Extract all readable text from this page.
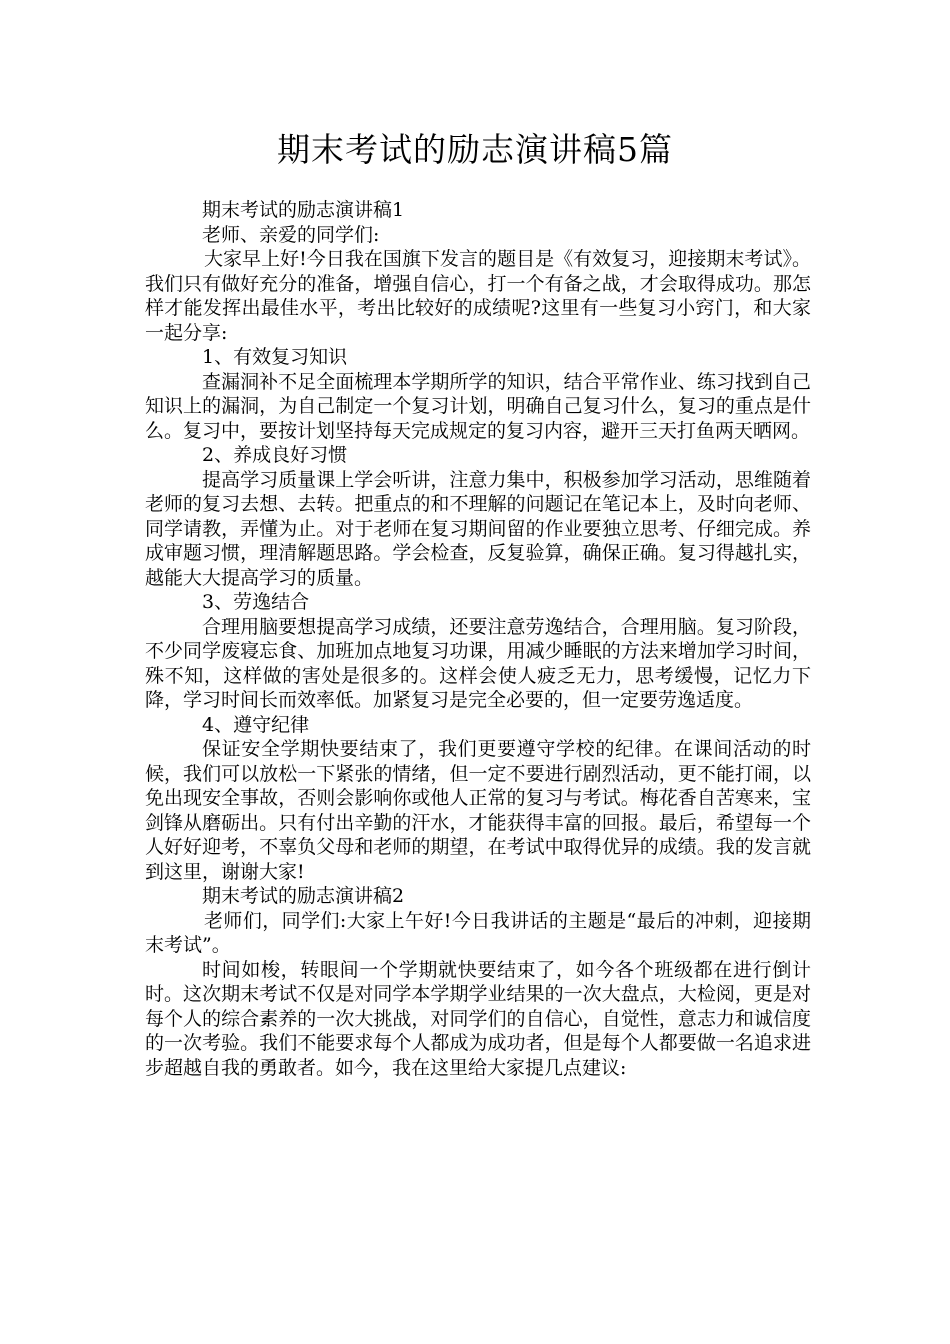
期末考试的励志演讲稿5篇

期末考试的励志演讲稿1

老师、亲爱的同学们:

大家早上好!今日我在国旗下发言的题目是《有效复习，迎接期末考试》。我们只有做好充分的准备，增强自信心，打一个有备之战，才会取得成功。那怎样才能发挥出最佳水平，考出比较好的成绩呢?这里有一些复习小窍门，和大家一起分享:

1、有效复习知识

查漏洞补不足全面梳理本学期所学的知识，结合平常作业、练习找到自己知识上的漏洞，为自己制定一个复习计划，明确自己复习什么，复习的重点是什么。复习中，要按计划坚持每天完成规定的复习内容，避开三天打鱼两天晒网。

2、养成良好习惯

提高学习质量课上学会听讲，注意力集中，积极参加学习活动，思维随着老师的复习去想、去转。把重点的和不理解的问题记在笔记本上，及时向老师、同学请教，弄懂为止。对于老师在复习期间留的作业要独立思考、仔细完成。养成审题习惯，理清解题思路。学会检查，反复验算，确保正确。复习得越扎实，越能大大提高学习的质量。

3、劳逸结合

合理用脑要想提高学习成绩，还要注意劳逸结合，合理用脑。复习阶段，不少同学废寝忘食、加班加点地复习功课，用减少睡眠的方法来增加学习时间，殊不知，这样做的害处是很多的。这样会使人疲乏无力，思考缓慢，记忆力下降，学习时间长而效率低。加紧复习是完全必要的，但一定要劳逸适度。

4、遵守纪律

保证安全学期快要结束了，我们更要遵守学校的纪律。在课间活动的时候，我们可以放松一下紧张的情绪，但一定不要进行剧烈活动，更不能打闹，以免出现安全事故，否则会影响你或他人正常的复习与考试。梅花香自苦寒来，宝剑锋从磨砺出。只有付出辛勤的汗水，才能获得丰富的回报。最后，希望每一个人好好迎考，不辜负父母和老师的期望，在考试中取得优异的成绩。我的发言就到这里，谢谢大家!

期末考试的励志演讲稿2

老师们，同学们:大家上午好!今日我讲话的主题是“最后的冲刺，迎接期末考试”。

时间如梭，转眼间一个学期就快要结束了，如今各个班级都在进行倒计时。这次期末考试不仅是对同学本学期学业结果的一次大盘点，大检阅，更是对每个人的综合素养的一次大挑战，对同学们的自信心，自觉性，意志力和诚信度的一次考验。我们不能要求每个人都成为成功者，但是每个人都要做一名追求进步超越自我的勇敢者。如今，我在这里给大家提几点建议:
